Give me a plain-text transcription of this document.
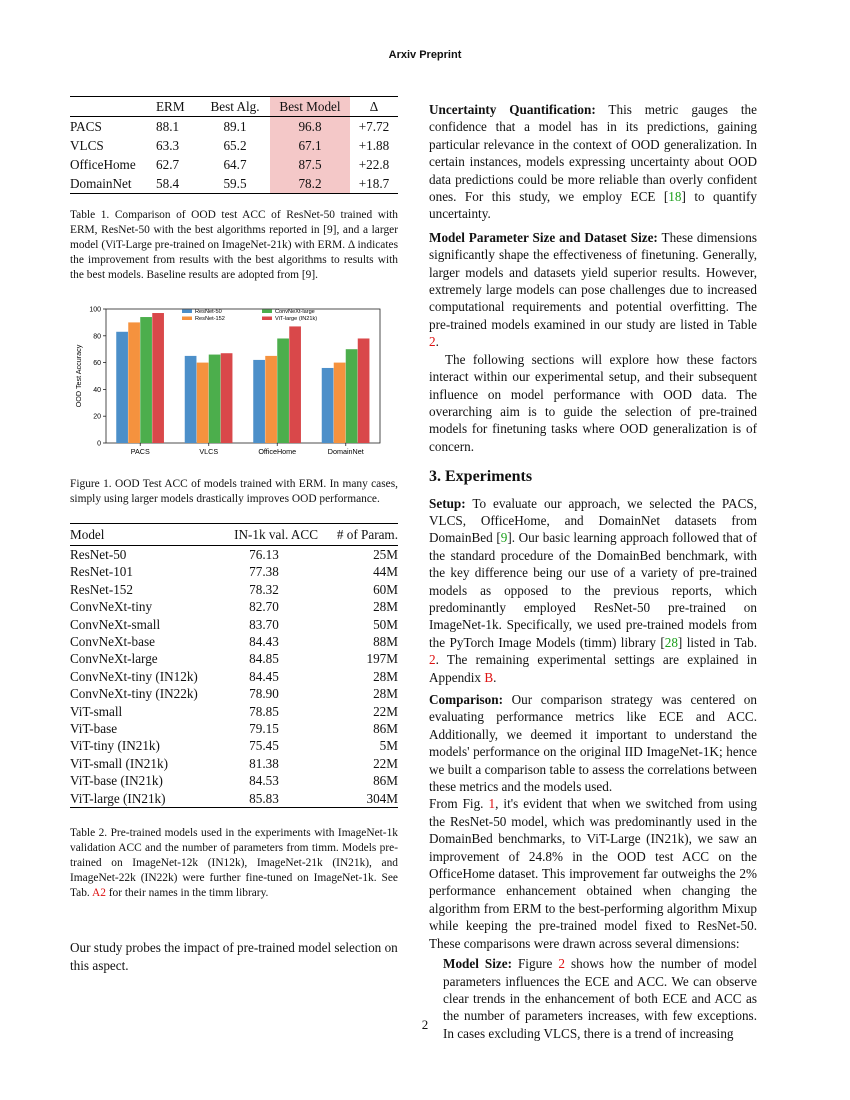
Arxiv Preprint
	ERM	Best Alg.	Best Model	Δ
PACS	88.1	89.1	96.8	+7.72
VLCS	63.3	65.2	67.1	+1.88
OfficeHome	62.7	64.7	87.5	+22.8
DomainNet	58.4	59.5	78.2	+18.7

Table 1. Comparison of OOD test ACC of ResNet-50 trained with ERM, ResNet-50 with the best algorithms reported in [9], and a larger model (ViT-Large pre-trained on ImageNet-21k) with ERM. Δ indicates the improvement from results with the best algorithms to results with the best models. Baseline results are adopted from [9].

0
20
40
60
80
100
OOD Test Accuracy
PACS	VLCS	OfficeHome	DomainNet
ResNet-50
ResNet-152
ConvNeXt-large
ViT-large (IN21k)

Figure 1. OOD Test ACC of models trained with ERM. In many cases, simply using larger models drastically improves OOD performance.

Model	IN-1k val. ACC	# of Param.
ResNet-50	76.13	25M
ResNet-101	77.38	44M
ResNet-152	78.32	60M
ConvNeXt-tiny	82.70	28M
ConvNeXt-small	83.70	50M
ConvNeXt-base	84.43	88M
ConvNeXt-large	84.85	197M
ConvNeXt-tiny (IN12k)	84.45	28M
ConvNeXt-tiny (IN22k)	78.90	28M
ViT-small	78.85	22M
ViT-base	79.15	86M
ViT-tiny (IN21k)	75.45	5M
ViT-small (IN21k)	81.38	22M
ViT-base (IN21k)	84.53	86M
ViT-large (IN21k)	85.83	304M

Table 2. Pre-trained models used in the experiments with ImageNet-1k validation ACC and the number of parameters from timm. Models pre-trained on ImageNet-12k (IN12k), ImageNet-21k (IN21k), and ImageNet-22k (IN22k) were further fine-tuned on ImageNet-1k. See Tab. A2 for their names in the timm library.

Our study probes the impact of pre-trained model selection on this aspect.

Uncertainty Quantification: This metric gauges the confidence that a model has in its predictions, gaining particular relevance in the context of OOD generalization. In certain instances, models expressing uncertainty about OOD data predictions could be more reliable than overly confident ones. For this study, we employ ECE [18] to quantify uncertainty.

Model Parameter Size and Dataset Size: These dimensions significantly shape the effectiveness of finetuning. Generally, larger models and datasets yield superior results. However, extremely large models can pose challenges due to increased computational requirements and potential overfitting. The pre-trained models examined in our study are listed in Table 2.

The following sections will explore how these factors interact within our experimental setup, and their subsequent influence on model performance with OOD data. The overarching aim is to guide the selection of pre-trained models for finetuning tasks where OOD generalization is of concern.

3. Experiments

Setup: To evaluate our approach, we selected the PACS, VLCS, OfficeHome, and DomainNet datasets from DomainBed [9]. Our basic learning approach followed that of the standard procedure of the DomainBed benchmark, with the key difference being our use of a variety of pre-trained models as opposed to the previous reports, which predominantly employed ResNet-50 pre-trained on ImageNet-1k. Specifically, we used pre-trained models from the PyTorch Image Models (timm) library [28] listed in Tab. 2. The remaining experimental settings are explained in Appendix B.

Comparison: Our comparison strategy was centered on evaluating performance metrics like ECE and ACC. Additionally, we deemed it important to understand the models' performance on the original IID ImageNet-1K; hence we built a comparison table to assess the correlations between these metrics and the models used.

From Fig. 1, it's evident that when we switched from using the ResNet-50 model, which was predominantly used in the DomainBed benchmarks, to ViT-Large (IN21k), we saw an improvement of 24.8% in the OOD test ACC on the OfficeHome dataset. This improvement far outweighs the 2% performance enhancement obtained when changing the algorithm from ERM to the best-performing algorithm Mixup while keeping the pre-trained model fixed to ResNet-50. These comparisons were drawn across several dimensions:

Model Size: Figure 2 shows how the number of model parameters influences the ECE and ACC. We can observe clear trends in the enhancement of both ECE and ACC as the number of parameters increases, with few exceptions. In cases excluding VLCS, there is a trend of increasing

2
